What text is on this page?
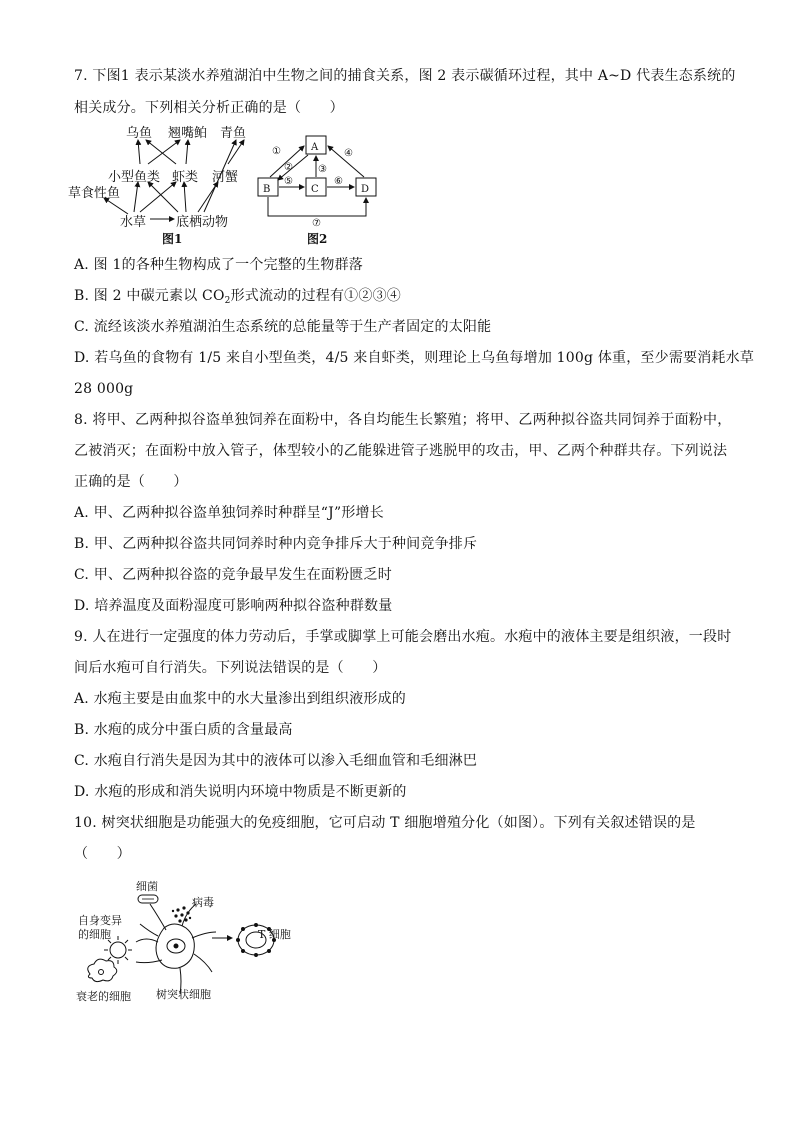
7. 下图1 表示某淡水养殖湖泊中生物之间的捕食关系，图 2 表示碳循环过程，其中 A~D 代表生态系统的
相关成分。下列相关分析正确的是（　　）
乌鱼 翘嘴鲌 青鱼
小型鱼类 虾类 河蟹
草食性鱼
水草 底栖动物
图1
A
B	C	D
①
②	③
④
⑤	⑥
⑦
图2
A. 图 1的各种生物构成了一个完整的生物群落
B. 图 2 中碳元素以 $CO_2$形式流动的过程有①②③④
C. 流经该淡水养殖湖泊生态系统的总能量等于生产者固定的太阳能
D. 若乌鱼的食物有 1/5 来自小型鱼类，4/5 来自虾类，则理论上乌鱼每增加 100g 体重，至少需要消耗水草
28 000g
8. 将甲、乙两种拟谷盗单独饲养在面粉中，各自均能生长繁殖；将甲、乙两种拟谷盗共同饲养于面粉中，
乙被消灭；在面粉中放入管子，体型较小的乙能躲进管子逃脱甲的攻击，甲、乙两个种群共存。下列说法
正确的是（　　）
A. 甲、乙两种拟谷盗单独饲养时种群呈“J”形增长
B. 甲、乙两种拟谷盗共同饲养时种内竞争排斥大于种间竞争排斥
C. 甲、乙两种拟谷盗的竞争最早发生在面粉匮乏时
D. 培养温度及面粉湿度可影响两种拟谷盗种群数量
9. 人在进行一定强度的体力劳动后，手掌或脚掌上可能会磨出水疱。水疱中的液体主要是组织液，一段时
间后水疱可自行消失。下列说法错误的是（　　）
A. 水疱主要是由血浆中的水大量渗出到组织液形成的
B. 水疱的成分中蛋白质的含量最高
C. 水疱自行消失是因为其中的液体可以渗入毛细血管和毛细淋巴
D. 水疱的形成和消失说明内环境中物质是不断更新的
10. 树突状细胞是功能强大的免疫细胞，它可启动 T 细胞增殖分化（如图）。下列有关叙述错误的是
（　　）
细菌
病毒
自身变异
的细胞	T 细胞
衰老的细胞 树突状细胞
